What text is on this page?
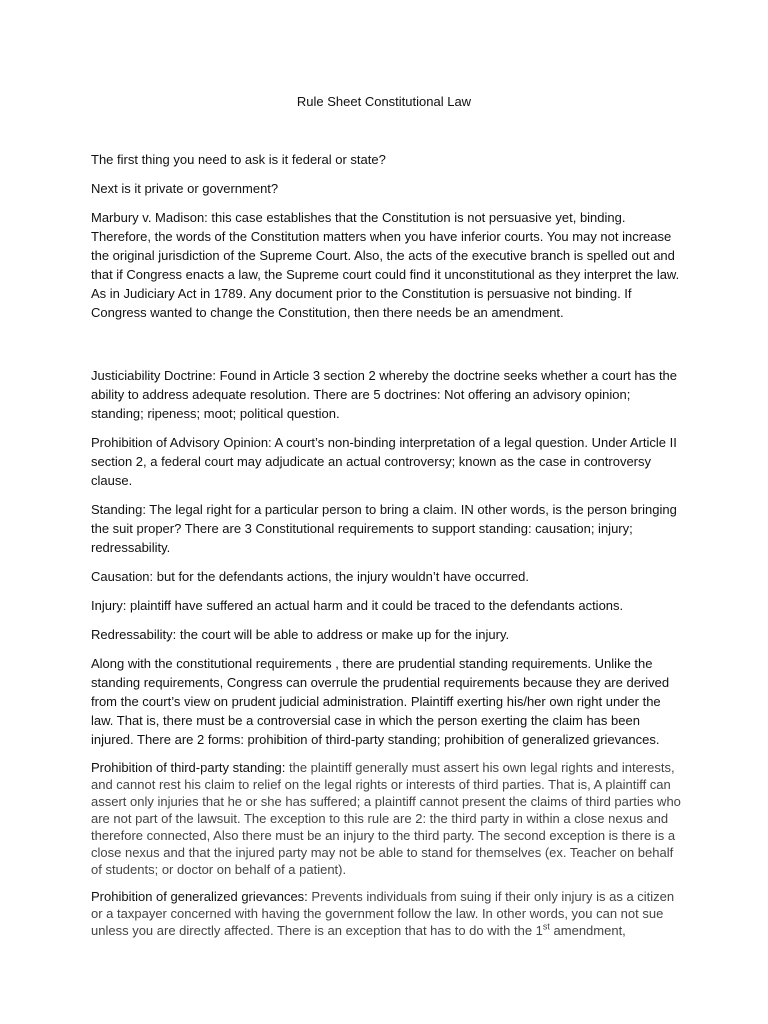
Rule Sheet Constitutional Law

The first thing you need to ask is it federal or state?

Next is it private or government?

Marbury v. Madison: this case establishes that the Constitution is not persuasive yet, binding. Therefore, the words of the Constitution matters when you have inferior courts. You may not increase the original jurisdiction of the Supreme Court. Also, the acts of the executive branch is spelled out and that if Congress enacts a law, the Supreme court could find it unconstitutional as they interpret the law. As in Judiciary Act in 1789. Any document prior to the Constitution is persuasive not binding. If Congress wanted to change the Constitution, then there needs be an amendment.

Justiciability Doctrine: Found in Article 3 section 2 whereby the doctrine seeks whether a court has the ability to address adequate resolution. There are 5 doctrines: Not offering an advisory opinion; standing; ripeness; moot; political question.

Prohibition of Advisory Opinion: A court’s non-binding interpretation of a legal question. Under Article II section 2, a federal court may adjudicate an actual controversy; known as the case in controversy clause.

Standing: The legal right for a particular person to bring a claim. IN other words, is the person bringing the suit proper? There are 3 Constitutional requirements to support standing: causation; injury; redressability.

Causation: but for the defendants actions, the injury wouldn’t have occurred.

Injury: plaintiff have suffered an actual harm and it could be traced to the defendants actions.

Redressability: the court will be able to address or make up for the injury.

Along with the constitutional requirements , there are prudential standing requirements. Unlike the standing requirements, Congress can overrule the prudential requirements because they are derived from the court’s view on prudent judicial administration. Plaintiff exerting his/her own right under the law. That is, there must be a controversial case in which the person exerting the claim has been injured. There are 2 forms: prohibition of third-party standing; prohibition of generalized grievances.

Prohibition of third-party standing: the plaintiff generally must assert his own legal rights and interests, and cannot rest his claim to relief on the legal rights or interests of third parties. That is, A plaintiff can assert only injuries that he or she has suffered; a plaintiff cannot present the claims of third parties who are not part of the lawsuit. The exception to this rule are 2: the third party in within a close nexus and therefore connected, Also there must be an injury to the third party. The second exception is there is a close nexus and that the injured party may not be able to stand for themselves (ex. Teacher on behalf of students; or doctor on behalf of a patient).

Prohibition of generalized grievances: Prevents individuals from suing if their only injury is as a citizen or a taxpayer concerned with having the government follow the law. In other words, you can not sue unless you are directly affected. There is an exception that has to do with the 1st amendment,
